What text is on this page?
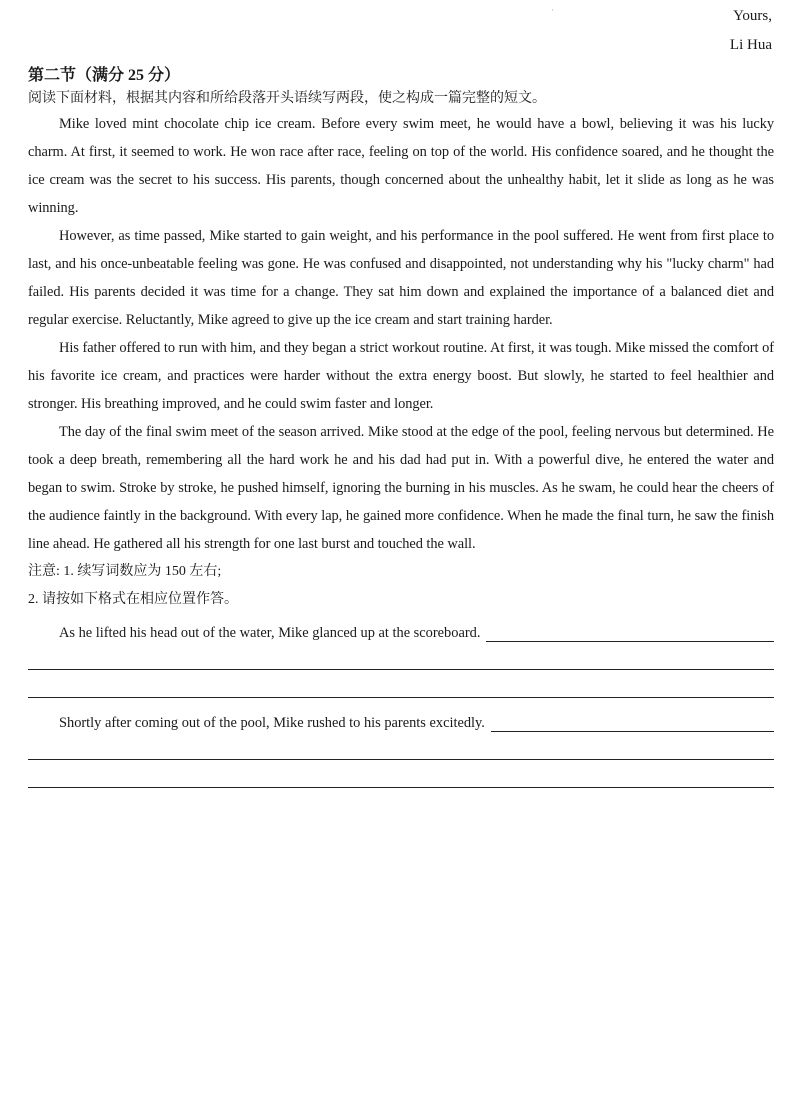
·	Yours,
Li Hua

第二节（满分 25 分）

阅读下面材料，根据其内容和所给段落开头语续写两段，使之构成一篇完整的短文。

Mike loved mint chocolate chip ice cream. Before every swim meet, he would have a bowl, believing it was his lucky charm. At first, it seemed to work. He won race after race, feeling on top of the world. His confidence soared, and he thought the ice cream was the secret to his success. His parents, though concerned about the unhealthy habit, let it slide as long as he was winning.

However, as time passed, Mike started to gain weight, and his performance in the pool suffered. He went from first place to last, and his once-unbeatable feeling was gone. He was confused and disappointed, not understanding why his "lucky charm" had failed. His parents decided it was time for a change. They sat him down and explained the importance of a balanced diet and regular exercise. Reluctantly, Mike agreed to give up the ice cream and start training harder.

His father offered to run with him, and they began a strict workout routine. At first, it was tough. Mike missed the comfort of his favorite ice cream, and practices were harder without the extra energy boost. But slowly, he started to feel healthier and stronger. His breathing improved, and he could swim faster and longer.

The day of the final swim meet of the season arrived. Mike stood at the edge of the pool, feeling nervous but determined. He took a deep breath, remembering all the hard work he and his dad had put in. With a powerful dive, he entered the water and began to swim. Stroke by stroke, he pushed himself, ignoring the burning in his muscles. As he swam, he could hear the cheers of the audience faintly in the background. With every lap, he gained more confidence. When he made the final turn, he saw the finish line ahead. He gathered all his strength for one last burst and touched the wall.

注意: 1. 续写词数应为 150 左右;

2. 请按如下格式在相应位置作答。

As he lifted his head out of the water, Mike glanced up at the scoreboard.
Shortly after coming out of the pool, Mike rushed to his parents excitedly.
